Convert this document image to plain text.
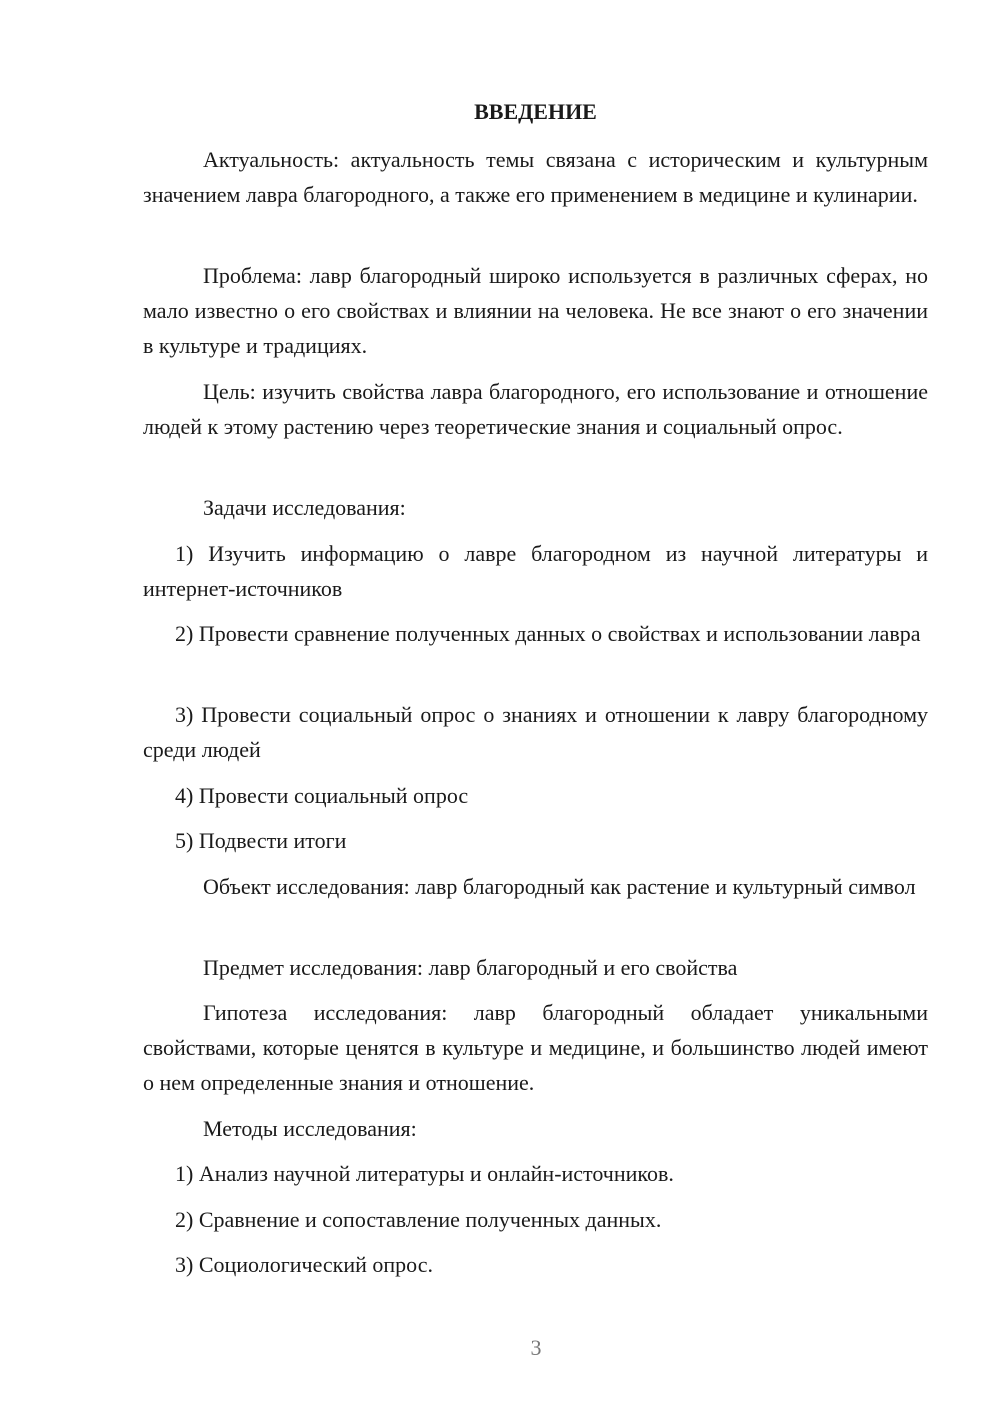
ВВЕДЕНИЕ

Актуальность: актуальность темы связана с историческим и культурным значением лавра благородного, а также его применением в медицине и кулинарии.

Проблема: лавр благородный широко используется в различных сферах, но мало известно о его свойствах и влиянии на человека. Не все знают о его значении в культуре и традициях.

Цель: изучить свойства лавра благородного, его использование и отношение людей к этому растению через теоретические знания и социальный опрос.

Задачи исследования:

1) Изучить информацию о лавре благородном из научной литературы и интернет-источников

2) Провести сравнение полученных данных о свойствах и использовании лавра

3) Провести социальный опрос о знаниях и отношении к лавру благородному среди людей

4) Провести социальный опрос

5) Подвести итоги

Объект исследования: лавр благородный как растение и культурный символ

Предмет исследования: лавр благородный и его свойства

Гипотеза исследования: лавр благородный обладает уникальными свойствами, которые ценятся в культуре и медицине, и большинство людей имеют о нем определенные знания и отношение.

Методы исследования:

1) Анализ научной литературы и онлайн-источников.

2) Сравнение и сопоставление полученных данных.

3) Социологический опрос.

3
